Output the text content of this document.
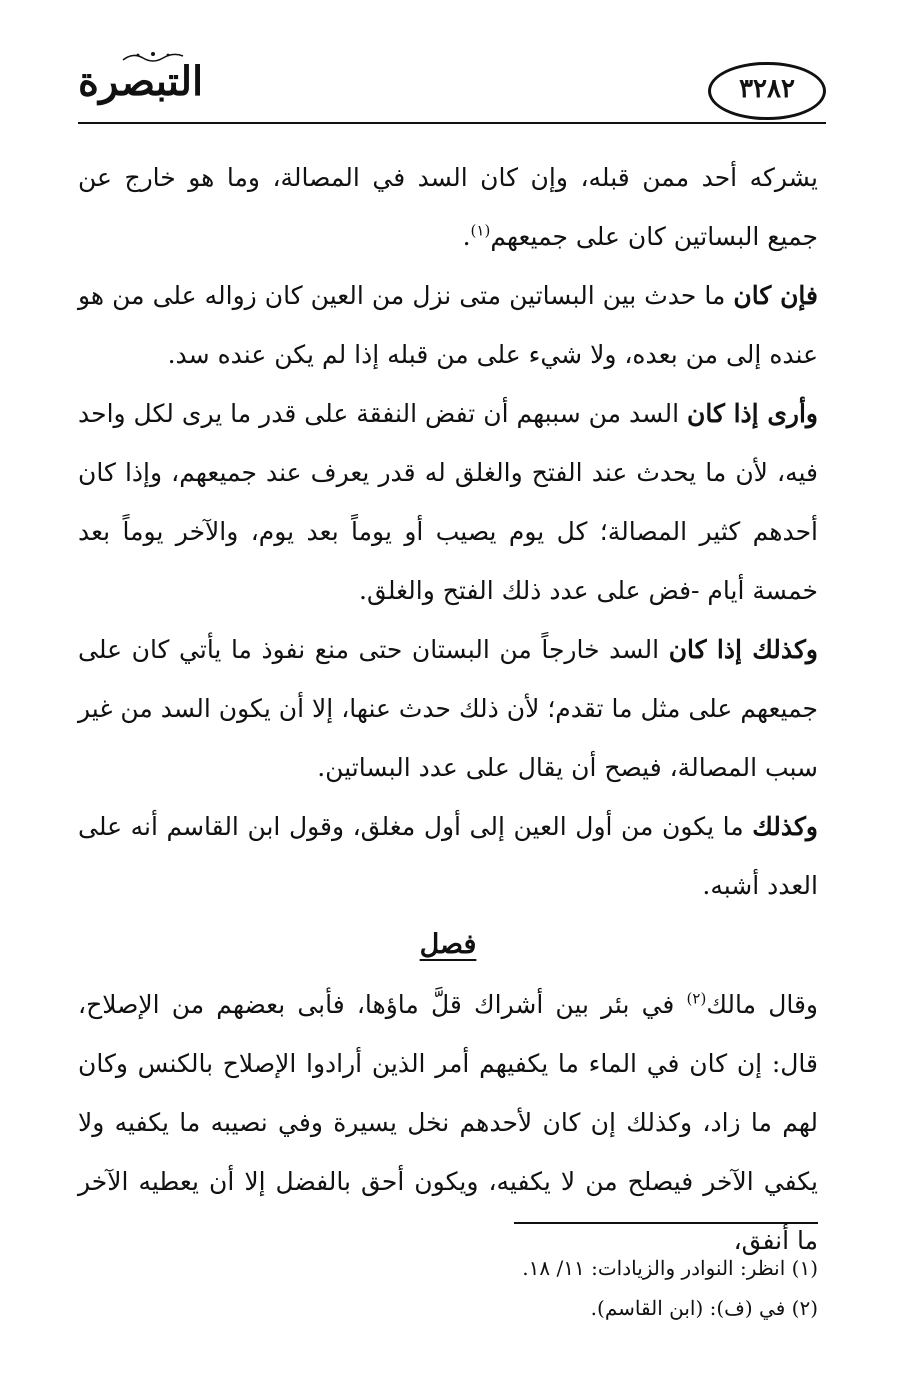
التبصرة	٣٢٨٢

يشركه أحد ممن قبله، وإن كان السد في المصالة، وما هو خارج عن جميع البساتين كان على جميعهم$^{(١)}$.

فإن كان ما حدث بين البساتين متى نزل من العين كان زواله على من هو عنده إلى من بعده، ولا شيء على من قبله إذا لم يكن عنده سد.

وأرى إذا كان السد من سببهم أن تفض النفقة على قدر ما يرى لكل واحد فيه، لأن ما يحدث عند الفتح والغلق له قدر يعرف عند جميعهم، وإذا كان أحدهم كثير المصالة؛ كل يوم يصيب أو يوماً بعد يوم، والآخر يوماً بعد خمسة أيام -فض على عدد ذلك الفتح والغلق.

وكذلك إذا كان السد خارجاً من البستان حتى منع نفوذ ما يأتي كان على جميعهم على مثل ما تقدم؛ لأن ذلك حدث عنها، إلا أن يكون السد من غير سبب المصالة، فيصح أن يقال على عدد البساتين.

وكذلك ما يكون من أول العين إلى أول مغلق، وقول ابن القاسم أنه على العدد أشبه.

فصل

وقال مالك$^{(٢)}$ في بئر بين أشراك قلَّ ماؤها، فأبى بعضهم من الإصلاح، قال: إن كان في الماء ما يكفيهم أمر الذين أرادوا الإصلاح بالكنس وكان لهم ما زاد، وكذلك إن كان لأحدهم نخل يسيرة وفي نصيبه ما يكفيه ولا يكفي الآخر فيصلح من لا يكفيه، ويكون أحق بالفضل إلا أن يعطيه الآخر ما أنفق،

(١) انظر: النوادر والزيادات: ١١/ ١٨.

(٢) في (ف): (ابن القاسم).
